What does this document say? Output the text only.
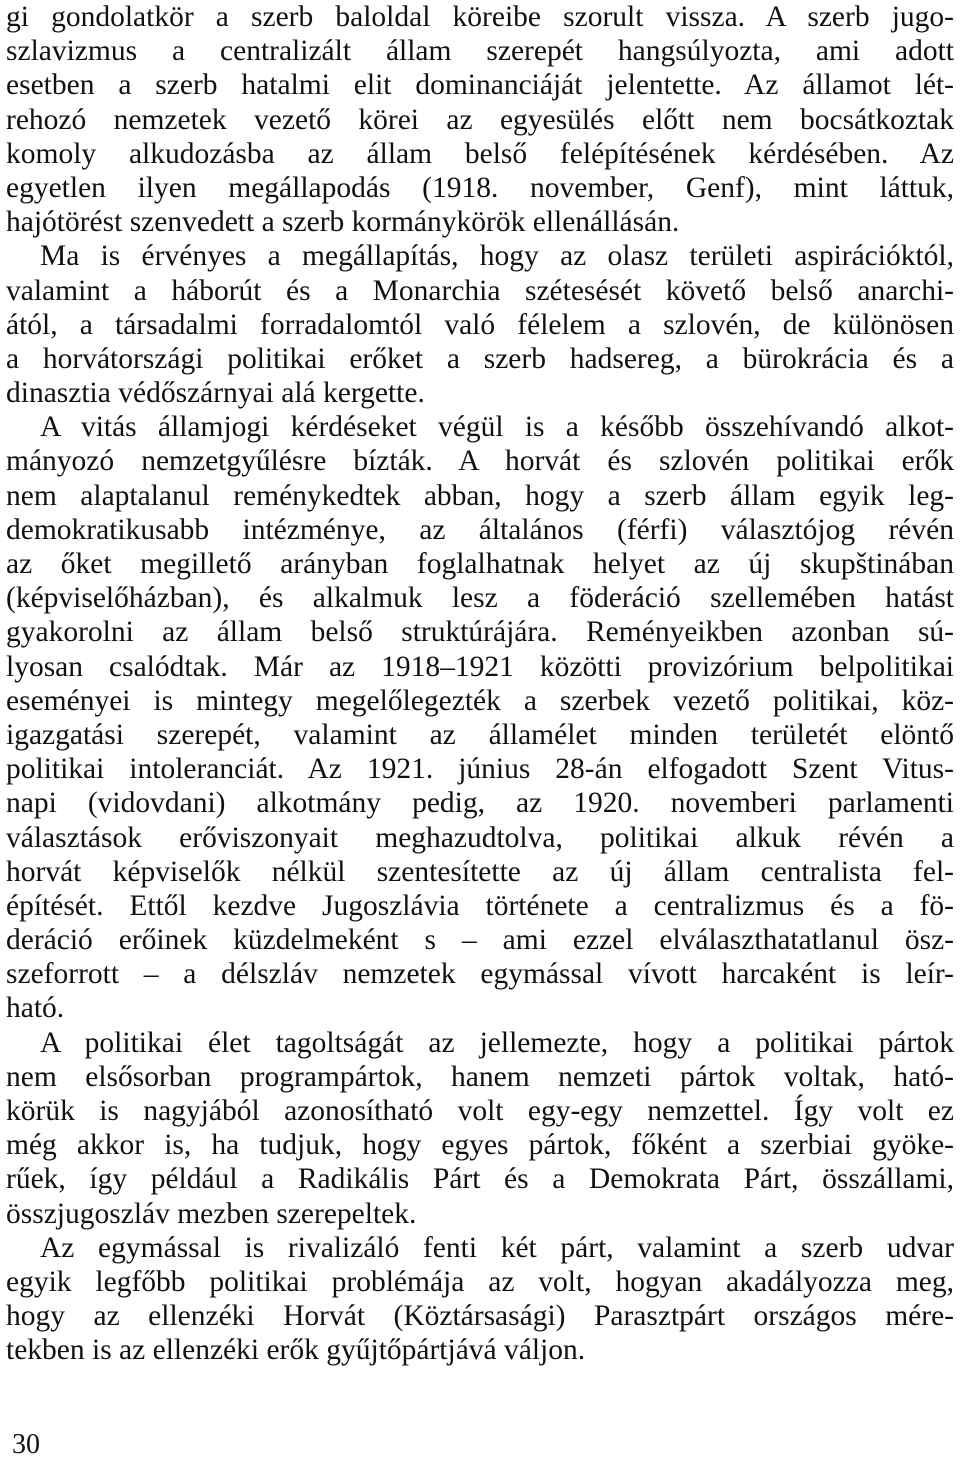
gi gondolatkör a szerb baloldal köreibe szorult vissza. A szerb jugo-
szlavizmus a centralizált állam szerepét hangsúlyozta, ami adott
esetben a szerb hatalmi elit dominanciáját jelentette. Az államot lét-
rehozó nemzetek vezető körei az egyesülés előtt nem bocsátkoztak
komoly alkudozásba az állam belső felépítésének kérdésében. Az
egyetlen ilyen megállapodás (1918. november, Genf), mint láttuk,
hajótörést szenvedett a szerb kormánykörök ellenállásán.
Ma is érvényes a megállapítás, hogy az olasz területi aspirációktól,
valamint a háborút és a Monarchia szétesését követő belső anarchi-
ától, a társadalmi forradalomtól való félelem a szlovén, de különösen
a horvátországi politikai erőket a szerb hadsereg, a bürokrácia és a
dinasztia védőszárnyai alá kergette.
A vitás államjogi kérdéseket végül is a később összehívandó alkot-
mányozó nemzetgyűlésre bízták. A horvát és szlovén politikai erők
nem alaptalanul reménykedtek abban, hogy a szerb állam egyik leg-
demokratikusabb intézménye, az általános (férfi) választójog révén
az őket megillető arányban foglalhatnak helyet az új skupštinában
(képviselőházban), és alkalmuk lesz a föderáció szellemében hatást
gyakorolni az állam belső struktúrájára. Reményeikben azonban sú-
lyosan csalódtak. Már az 1918–1921 közötti provizórium belpolitikai
eseményei is mintegy megelőlegezték a szerbek vezető politikai, köz-
igazgatási szerepét, valamint az államélet minden területét elöntő
politikai intoleranciát. Az 1921. június 28-án elfogadott Szent Vitus-
napi (vidovdani) alkotmány pedig, az 1920. novemberi parlamenti
választások erőviszonyait meghazudtolva, politikai alkuk révén a
horvát képviselők nélkül szentesítette az új állam centralista fel-
építését. Ettől kezdve Jugoszlávia története a centralizmus és a fö-
deráció erőinek küzdelmeként s – ami ezzel elválaszthatatlanul ösz-
szeforrott – a délszláv nemzetek egymással vívott harcaként is leír-
ható.
A politikai élet tagoltságát az jellemezte, hogy a politikai pártok
nem elsősorban programpártok, hanem nemzeti pártok voltak, ható-
körük is nagyjából azonosítható volt egy-egy nemzettel. Így volt ez
még akkor is, ha tudjuk, hogy egyes pártok, főként a szerbiai gyöke-
rűek, így például a Radikális Párt és a Demokrata Párt, összállami,
összjugoszláv mezben szerepeltek.
Az egymással is rivalizáló fenti két párt, valamint a szerb udvar
egyik legfőbb politikai problémája az volt, hogyan akadályozza meg,
hogy az ellenzéki Horvát (Köztársasági) Parasztpárt országos mére-
tekben is az ellenzéki erők gyűjtőpártjává váljon.
30
